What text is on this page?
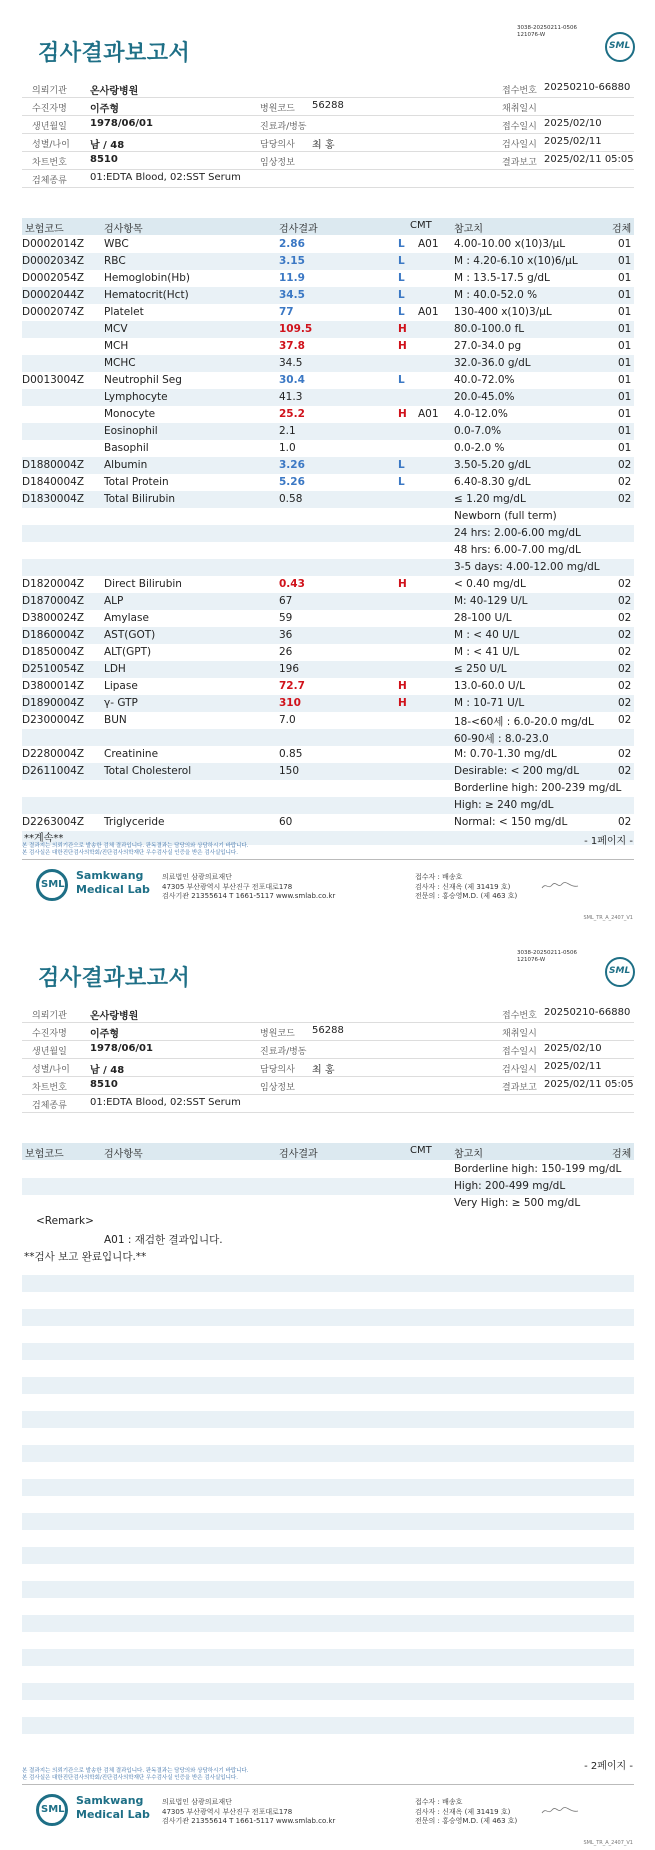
3038-20250211-0506
121076-W
검사결과보고서	SML
의뢰기관 온사랑병원	접수번호 20250210-66880
수진자명 이주형	병원코드 56288	채취일시
생년월일 1978/06/01	진료과/병동	접수일시 2025/02/10
성별/나이 남 / 48	담당의사 최 홍	검사일시 2025/02/11
차트번호 8510	임상정보	결과보고 2025/02/11 05:05
검체종류 01:EDTA Blood, 02:SST Serum
보험코드	검사항목	검사결과	CMT 참고치	검체
D0002014Z WBC	2.86	L A01 4.00-10.00 x(10)3/μL	01
D0002034Z RBC	3.15	L	M : 4.20-6.10 x(10)6/μL	01
D0002054Z Hemoglobin(Hb)	11.9	L	M : 13.5-17.5 g/dL	01
D0002044Z Hematocrit(Hct)	34.5	L	M : 40.0-52.0 %	01
D0002074Z Platelet	77	L A01 130-400 x(10)3/μL	01
MCV	109.5	H	80.0-100.0 fL	01
MCH	37.8	H	27.0-34.0 pg	01
MCHC	34.5	32.0-36.0 g/dL	01
D0013004Z Neutrophil Seg	30.4	L	40.0-72.0%	01
Lymphocyte	41.3	20.0-45.0%	01
Monocyte	25.2	H A01 4.0-12.0%	01
Eosinophil	2.1	0.0-7.0%	01
Basophil	1.0	0.0-2.0 %	01
D1880004Z Albumin	3.26	L	3.50-5.20 g/dL	02
D1840004Z Total Protein	5.26	L	6.40-8.30 g/dL	02
D1830004Z Total Bilirubin	0.58	≤ 1.20 mg/dL	02
Newborn (full term)
24 hrs: 2.00-6.00 mg/dL
48 hrs: 6.00-7.00 mg/dL
3-5 days: 4.00-12.00 mg/dL
D1820004Z Direct Bilirubin	0.43	H	< 0.40 mg/dL	02
D1870004Z ALP	67	M: 40-129 U/L	02
D3800024Z Amylase	59	28-100 U/L	02
D1860004Z AST(GOT)	36	M : < 40 U/L	02
D1850004Z ALT(GPT)	26	M : < 41 U/L	02
D2510054Z LDH	196	≤ 250 U/L	02
D3800014Z Lipase	72.7	H	13.0-60.0 U/L	02
D1890004Z γ- GTP	310	H	M : 10-71 U/L	02
D2300004Z BUN	7.0	18-<60세 : 6.0-20.0 mg/dL 02
60-90세 : 8.0-23.0
D2280004Z Creatinine	0.85	M: 0.70-1.30 mg/dL	02
D2611004Z Total Cholesterol	150	Desirable: < 200 mg/dL	02
Borderline high: 200-239 mg/dL
High: ≥ 240 mg/dL
D2263004Z Triglyceride	60	Normal: < 150 mg/dL	02
**계속**	- 1페이지 -
본 결과지는 의뢰기관으로 발송한 검체 결과입니다. 판독결과는 담당의와 상담하시기 바랍니다.
본 검사실은 대한진단검사의학회/진단검사의학재단 우수검사실 인증을 받은 검사실입니다.
SML
Samkwang
Medical Lab
의료법인 삼광의료재단
47305 부산광역시 부산진구 전포대로178
검사기관 21355614 T 1661-5117 www.smlab.co.kr
접수자 : 배송호
검사자 : 신재옥 (제 31419 호)
전문의 : 홍승영M.D. (제 463 호)
SML_TR_A_2407_V1
3038-20250211-0506
121076-W
검사결과보고서	SML
의뢰기관 온사랑병원	접수번호 20250210-66880
수진자명 이주형	병원코드 56288	채취일시
생년월일 1978/06/01	진료과/병동	접수일시 2025/02/10
성별/나이 남 / 48	담당의사 최 홍	검사일시 2025/02/11
차트번호 8510	임상정보	결과보고 2025/02/11 05:05
검체종류 01:EDTA Blood, 02:SST Serum
보험코드	검사항목	검사결과	CMT 참고치	검체
Borderline high: 150-199 mg/dL
High: 200-499 mg/dL
Very High: ≥ 500 mg/dL
<Remark>
A01 : 재검한 결과입니다.
**검사 보고 완료입니다.**
- 2페이지 -
본 결과지는 의뢰기관으로 발송한 검체 결과입니다. 판독결과는 담당의와 상담하시기 바랍니다.
본 검사실은 대한진단검사의학회/진단검사의학재단 우수검사실 인증을 받은 검사실입니다.
SML
Samkwang
Medical Lab
의료법인 삼광의료재단
47305 부산광역시 부산진구 전포대로178
검사기관 21355614 T 1661-5117 www.smlab.co.kr
접수자 : 배송호
검사자 : 신재옥 (제 31419 호)
전문의 : 홍승영M.D. (제 463 호)
SML_TR_A_2407_V1
